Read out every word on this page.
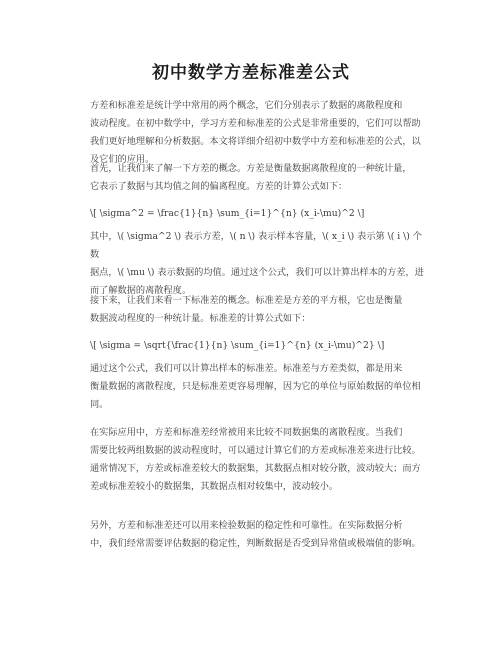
初中数学方差标准差公式

方差和标准差是统计学中常用的两个概念，它们分别表示了数据的离散程度和
波动程度。在初中数学中，学习方差和标准差的公式是非常重要的，它们可以帮助
我们更好地理解和分析数据。本文将详细介绍初中数学中方差和标准差的公式，以
及它们的应用。

首先，让我们来了解一下方差的概念。方差是衡量数据离散程度的一种统计量，
它表示了数据与其均值之间的偏离程度。方差的计算公式如下：

\[ \sigma^2 = \frac{1}{n} \sum_{i=1}^{n} (x_i-\mu)^2 \]

其中，\( \sigma^2 \) 表示方差，\( n \) 表示样本容量，\( x_i \) 表示第 \( i \) 个数
据点，\( \mu \) 表示数据的均值。通过这个公式，我们可以计算出样本的方差，进
而了解数据的离散程度。

接下来，让我们来看一下标准差的概念。标准差是方差的平方根，它也是衡量
数据波动程度的一种统计量。标准差的计算公式如下：

\[ \sigma = \sqrt{\frac{1}{n} \sum_{i=1}^{n} (x_i-\mu)^2} \]

通过这个公式，我们可以计算出样本的标准差。标准差与方差类似，都是用来
衡量数据的离散程度，只是标准差更容易理解，因为它的单位与原始数据的单位相
同。

在实际应用中，方差和标准差经常被用来比较不同数据集的离散程度。当我们
需要比较两组数据的波动程度时，可以通过计算它们的方差或标准差来进行比较。
通常情况下，方差或标准差较大的数据集，其数据点相对较分散，波动较大；而方
差或标准差较小的数据集，其数据点相对较集中，波动较小。

另外，方差和标准差还可以用来检验数据的稳定性和可靠性。在实际数据分析
中，我们经常需要评估数据的稳定性，判断数据是否受到异常值或极端值的影响。
